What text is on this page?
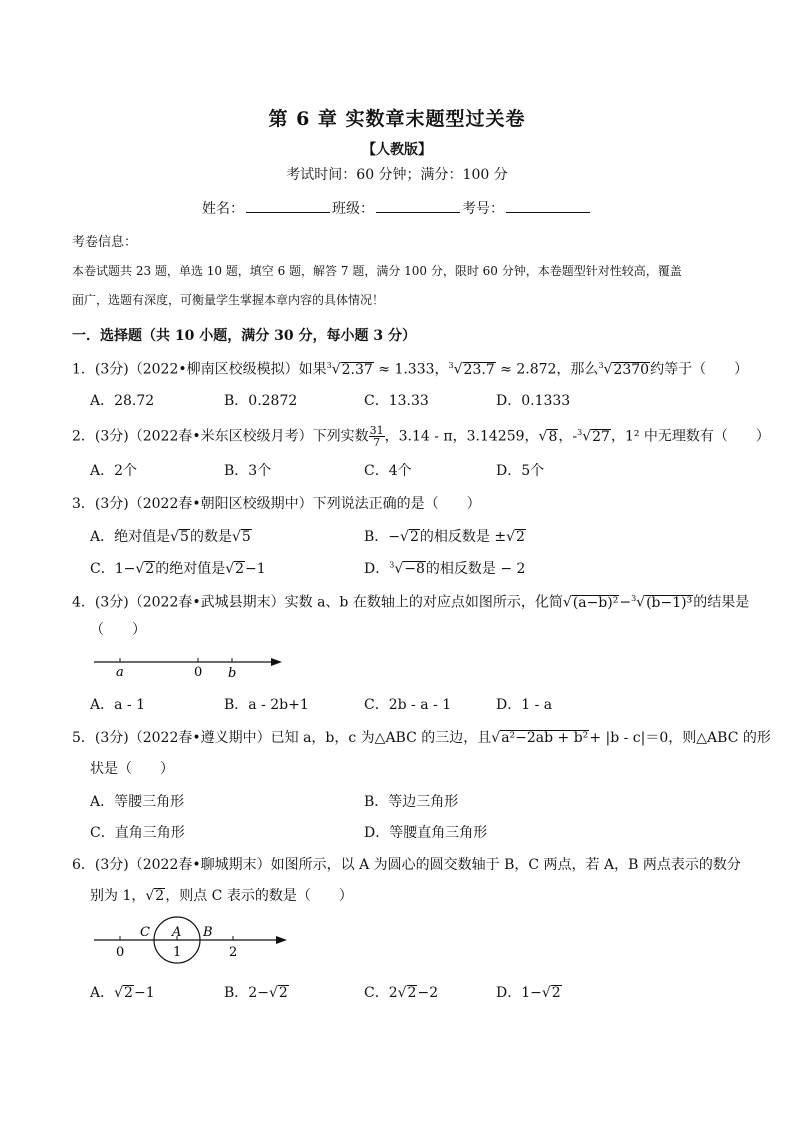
第 6 章 实数章末题型过关卷
【人教版】
考试时间：60 分钟；满分：100 分
姓名：	班级：	考号：
考卷信息：
本卷试题共 23 题，单选 10 题，填空 6 题，解答 7 题，满分 100 分，限时 60 分钟，本卷题型针对性较高，覆盖
面广，选题有深度，可衡量学生掌握本章内容的具体情况！
一．选择题（共 10 小题，满分 30 分，每小题 3 分）
1．(3分)（2022•柳南区校级模拟）如果$^3$√2.37 ≈ 1.333，$^3$√23.7 ≈ 2.872，那么$^3$√2370约等于（　　）
A．28.72	B．0.2872	C．13.33	D．0.1333
2．(3分)（2022春•米东区校级月考）下列实数 $\frac{31}{7}$ ，3.14 - π，3.14259，√8，-$^3$√27，1² 中无理数有（　　）
A．2个	B．3个	C．4个	D．5个
3．(3分)（2022春•朝阳区校级期中）下列说法正确的是（　　）
A．绝对值是√5的数是√5	B．−√2的相反数是 ±√2
C．1−√2的绝对值是√2−1	D．$^3$√−8的相反数是 − 2
4．(3分)（2022春•武城县期末）实数 a、b 在数轴上的对应点如图所示，化简√(a−b)²−$^3$√(b−1)³的结果是
（　　）
a	0 b
A．a - 1	B．a - 2b+1	C．2b - a - 1	D．1 - a
5．(3分)（2022春•遵义期中）已知 a，b，c 为△ABC 的三边，且√a²−2ab + b²+ |b - c|＝0，则△ABC 的形
状是（　　）
A．等腰三角形	B．等边三角形
C．直角三角形	D．等腰直角三角形
6．(3分)（2022春•聊城期末）如图所示，以 A 为圆心的圆交数轴于 B，C 两点，若 A，B 两点表示的数分
别为 1，√2，则点 C 表示的数是（　　）
C A B
0	1	2
A．√2−1	B．2−√2	C．2√2−2	D．1−√2
